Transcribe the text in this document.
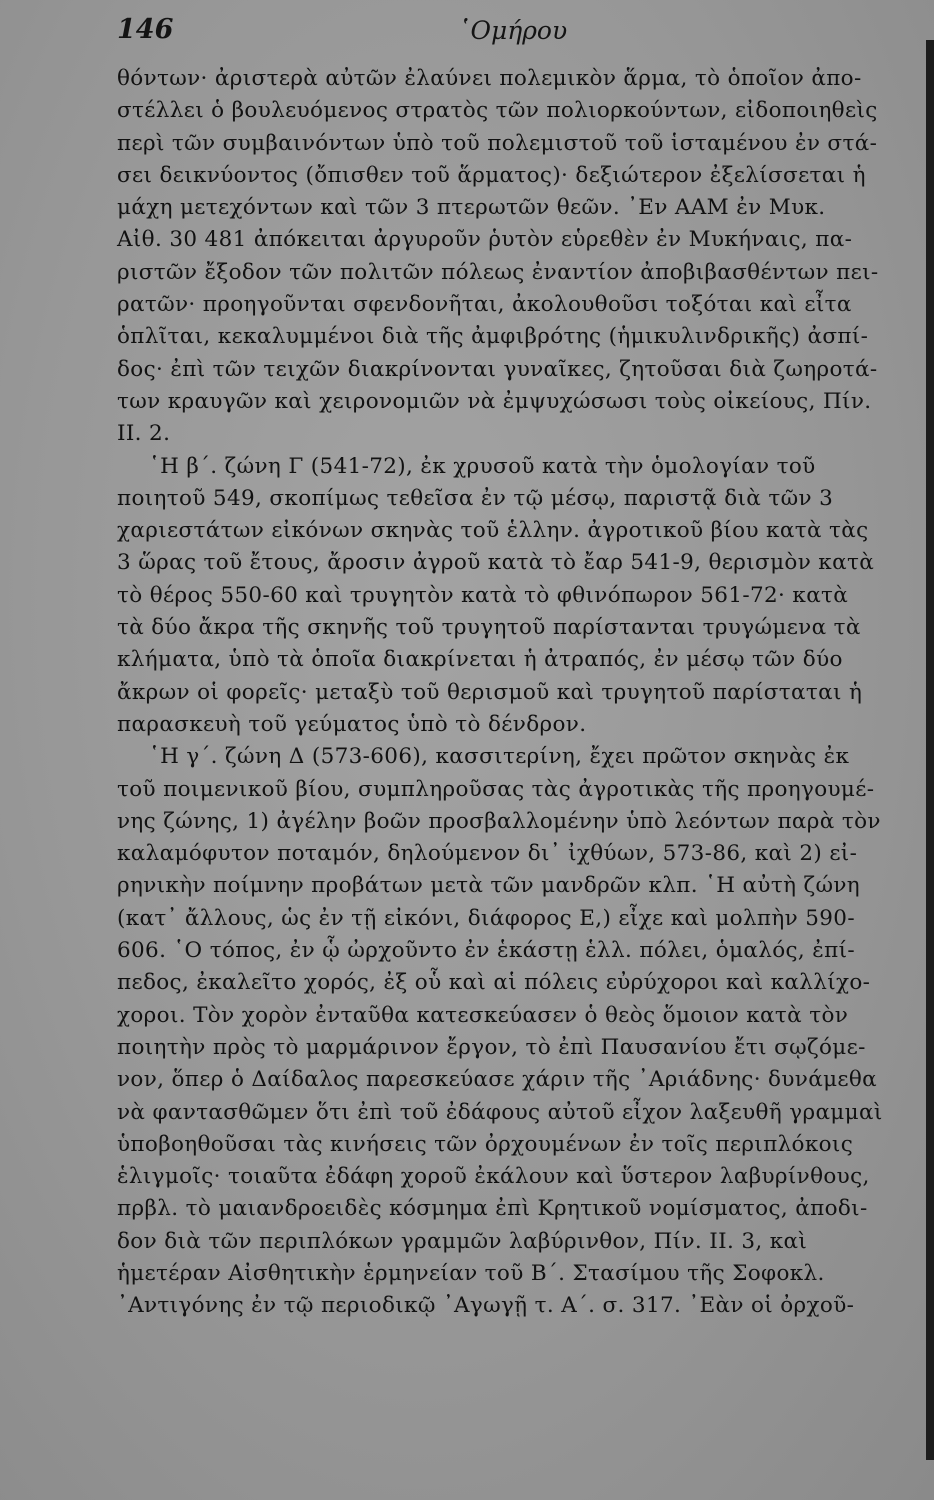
146	῾Ομήρου
θόντων· ἀριστερὰ αὐτῶν ἐλαύνει πολεμικὸν ἅρμα, τὸ ὁποῖον ἀπο-
στέλλει ὁ βουλευόμενος στρατὸς τῶν πολιορκούντων, εἰδοποιηθεὶς
περὶ τῶν συμβαινόντων ὑπὸ τοῦ πολεμιστοῦ τοῦ ἱσταμένου ἐν στά-
σει δεικνύοντος (ὄπισθεν τοῦ ἅρματος)· δεξιώτερον ἐξελίσσεται ἡ
μάχη μετεχόντων καὶ τῶν 3 πτερωτῶν θεῶν. ᾿Εν ΑΑΜ ἐν Μυκ.
Αἰθ. 30 481 ἀπόκειται ἀργυροῦν ῥυτὸν εὑρεθὲν ἐν Μυκήναις, πα-
ριστῶν ἔξοδον τῶν πολιτῶν πόλεως ἐναντίον ἀποβιβασθέντων πει-
ρατῶν· προηγοῦνται σφενδονῆται, ἀκολουθοῦσι τοξόται καὶ εἶτα
ὁπλῖται, κεκαλυμμένοι διὰ τῆς ἀμφιβρότης (ἡμικυλινδρικῆς) ἀσπί-
δος· ἐπὶ τῶν τειχῶν διακρίνονται γυναῖκες, ζητοῦσαι διὰ ζωηροτά-
των κραυγῶν καὶ χειρονομιῶν νὰ ἐμψυχώσωσι τοὺς οἰκείους, Πίν.
II. 2.
῾Η β΄. ζώνη Γ (541-72), ἐκ χρυσοῦ κατὰ τὴν ὁμολογίαν τοῦ
ποιητοῦ 549, σκοπίμως τεθεῖσα ἐν τῷ μέσῳ, παριστᾷ διὰ τῶν 3
χαριεστάτων εἰκόνων σκηνὰς τοῦ ἑλλην. ἀγροτικοῦ βίου κατὰ τὰς
3 ὥρας τοῦ ἔτους, ἄροσιν ἀγροῦ κατὰ τὸ ἔαρ 541-9, θερισμὸν κατὰ
τὸ θέρος 550-60 καὶ τρυγητὸν κατὰ τὸ φθινόπωρον 561-72· κατὰ
τὰ δύο ἄκρα τῆς σκηνῆς τοῦ τρυγητοῦ παρίστανται τρυγώμενα τὰ
κλήματα, ὑπὸ τὰ ὁποῖα διακρίνεται ἡ ἀτραπός, ἐν μέσῳ τῶν δύο
ἄκρων οἱ φορεῖς· μεταξὺ τοῦ θερισμοῦ καὶ τρυγητοῦ παρίσταται ἡ
παρασκευὴ τοῦ γεύματος ὑπὸ τὸ δένδρον.
῾Η γ΄. ζώνη Δ (573-606), κασσιτερίνη, ἔχει πρῶτον σκηνὰς ἐκ
τοῦ ποιμενικοῦ βίου, συμπληροῦσας τὰς ἀγροτικὰς τῆς προηγουμέ-
νης ζώνης, 1) ἀγέλην βοῶν προσβαλλομένην ὑπὸ λεόντων παρὰ τὸν
καλαμόφυτον ποταμόν, δηλούμενον δι᾿ ἰχθύων, 573-86, καὶ 2) εἰ-
ρηνικὴν ποίμνην προβάτων μετὰ τῶν μανδρῶν κλπ. ῾Η αὐτὴ ζώνη
(κατ᾿ ἄλλους, ὡς ἐν τῇ εἰκόνι, διάφορος Ε,) εἶχε καὶ μολπὴν 590-
606. ῾Ο τόπος, ἐν ᾧ ὠρχοῦντο ἐν ἑκάστῃ ἑλλ. πόλει, ὁμαλός, ἐπί-
πεδος, ἐκαλεῖτο χορός, ἐξ οὗ καὶ αἱ πόλεις εὐρύχοροι καὶ καλλίχο-
χοροι. Τὸν χορὸν ἐνταῦθα κατεσκεύασεν ὁ θεὸς ὅμοιον κατὰ τὸν
ποιητὴν πρὸς τὸ μαρμάρινον ἔργον, τὸ ἐπὶ Παυσανίου ἔτι σῳζόμε-
νον, ὅπερ ὁ Δαίδαλος παρεσκεύασε χάριν τῆς ᾿Αριάδνης· δυνάμεθα
νὰ φαντασθῶμεν ὅτι ἐπὶ τοῦ ἐδάφους αὐτοῦ εἶχον λαξευθῆ γραμμαὶ
ὑποβοηθοῦσαι τὰς κινήσεις τῶν ὀρχουμένων ἐν τοῖς περιπλόκοις
ἑλιγμοῖς· τοιαῦτα ἐδάφη χοροῦ ἐκάλουν καὶ ὕστερον λαβυρίνθους,
πρβλ. τὸ μαιανδροειδὲς κόσμημα ἐπὶ Κρητικοῦ νομίσματος, ἀποδι-
δον διὰ τῶν περιπλόκων γραμμῶν λαβύρινθον, Πίν. II. 3, καὶ
ἡμετέραν Αἰσθητικὴν ἑρμηνείαν τοῦ Β΄. Στασίμου τῆς Σοφοκλ.
᾿Αντιγόνης ἐν τῷ περιοδικῷ ᾿Αγωγῇ τ. Α΄. σ. 317. ᾿Εὰν οἱ ὀρχοῦ-
